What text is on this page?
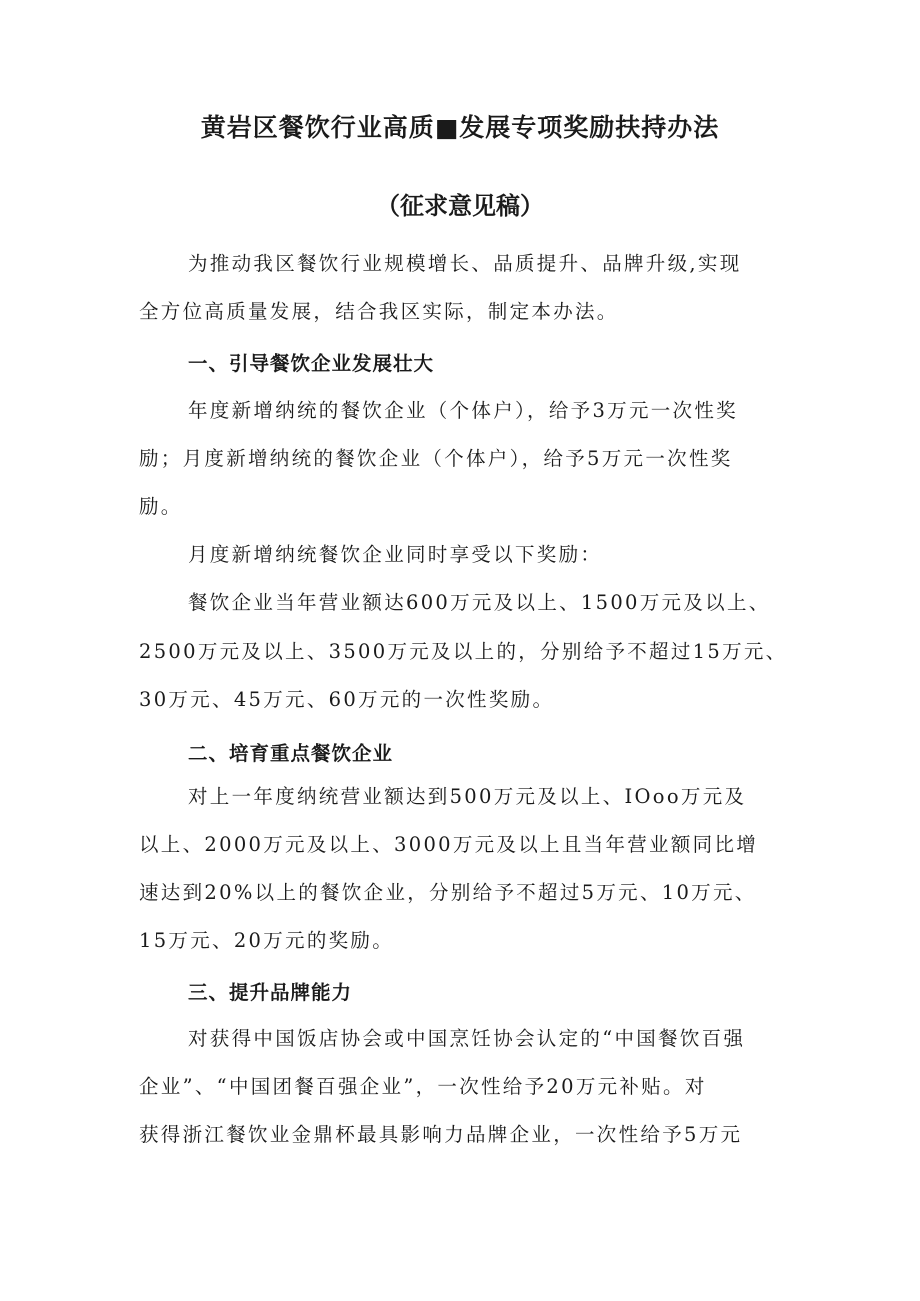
黄岩区餐饮行业高质■发展专项奖励扶持办法
（征求意见稿）
为推动我区餐饮行业规模增长、品质提升、品牌升级,实现
全方位高质量发展，结合我区实际，制定本办法。
一、引导餐饮企业发展壮大
年度新增纳统的餐饮企业（个体户），给予3万元一次性奖
励；月度新增纳统的餐饮企业（个体户），给予5万元一次性奖
励。
月度新增纳统餐饮企业同时享受以下奖励：
餐饮企业当年营业额达600万元及以上、1500万元及以上、
2500万元及以上、3500万元及以上的，分别给予不超过15万元、
30万元、45万元、60万元的一次性奖励。
二、培育重点餐饮企业
对上一年度纳统营业额达到500万元及以上、IOoo万元及
以上、2000万元及以上、3000万元及以上且当年营业额同比增
速达到20%以上的餐饮企业，分别给予不超过5万元、10万元、
15万元、20万元的奖励。
三、提升品牌能力
对获得中国饭店协会或中国烹饪协会认定的“中国餐饮百强
企业”、“中国团餐百强企业”，一次性给予20万元补贴。对
获得浙江餐饮业金鼎杯最具影响力品牌企业，一次性给予5万元
